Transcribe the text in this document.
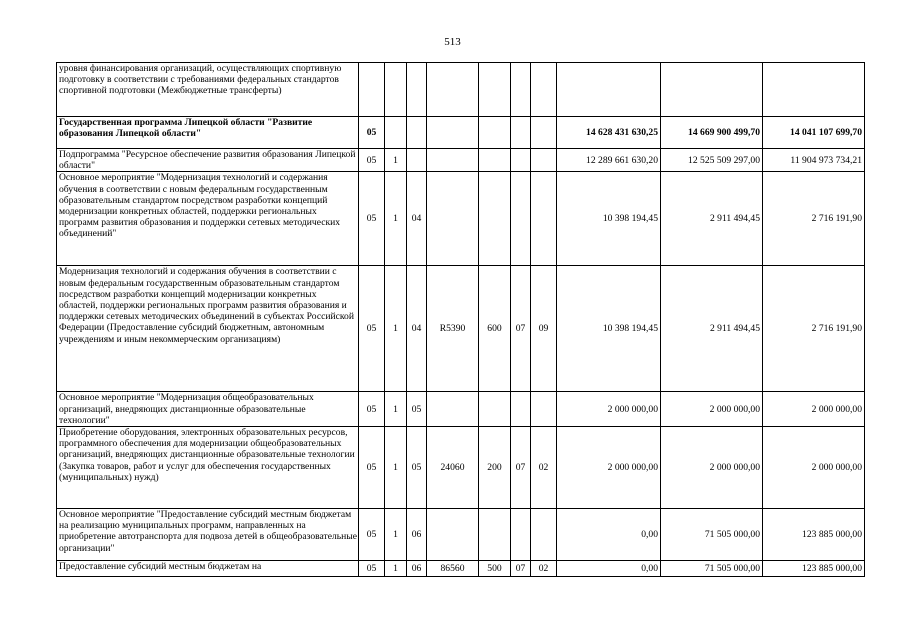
513
уровня финансирования организаций, осуществляющих спортивную подготовку в соответствии с требованиями федеральных стандартов спортивной подготовки (Межбюджетные трансферты)										
Государственная программа Липецкой области "Развитие образования Липецкой области"	05							14 628 431 630,25	14 669 900 499,70	14 041 107 699,70
Подпрограмма "Ресурсное обеспечение развития образования Липецкой области"	05	1						12 289 661 630,20	12 525 509 297,00	11 904 973 734,21
Основное мероприятие "Модернизация технологий и содержания обучения в соответствии с новым федеральным государственным образовательным стандартом посредством разработки концепций модернизации конкретных областей, поддержки региональных программ развития образования и поддержки сетевых методических объединений"	05	1	04					10 398 194,45	2 911 494,45	2 716 191,90
Модернизация технологий и содержания обучения в соответствии с новым федеральным государственным образовательным стандартом посредством разработки концепций модернизации конкретных областей, поддержки региональных программ развития образования и поддержки сетевых методических объединений в субъектах Российской Федерации (Предоставление субсидий бюджетным, автономным учреждениям и иным некоммерческим организациям)	05	1	04	R5390	600	07	09	10 398 194,45	2 911 494,45	2 716 191,90
Основное мероприятие "Модернизация общеобразовательных организаций, внедряющих дистанционные образовательные технологии"	05	1	05					2 000 000,00	2 000 000,00	2 000 000,00
Приобретение оборудования, электронных образовательных ресурсов, программного обеспечения для модернизации общеобразовательных организаций, внедряющих дистанционные образовательные технологии (Закупка товаров, работ и услуг для обеспечения государственных (муниципальных) нужд)	05	1	05	24060	200	07	02	2 000 000,00	2 000 000,00	2 000 000,00
Основное мероприятие "Предоставление субсидий местным бюджетам на реализацию муниципальных программ, направленных на приобретение автотранспорта для подвоза детей в общеобразовательные организации"	05	1	06					0,00	71 505 000,00	123 885 000,00
Предоставление субсидий местным бюджетам на	05	1	06	86560	500	07	02	0,00	71 505 000,00	123 885 000,00
